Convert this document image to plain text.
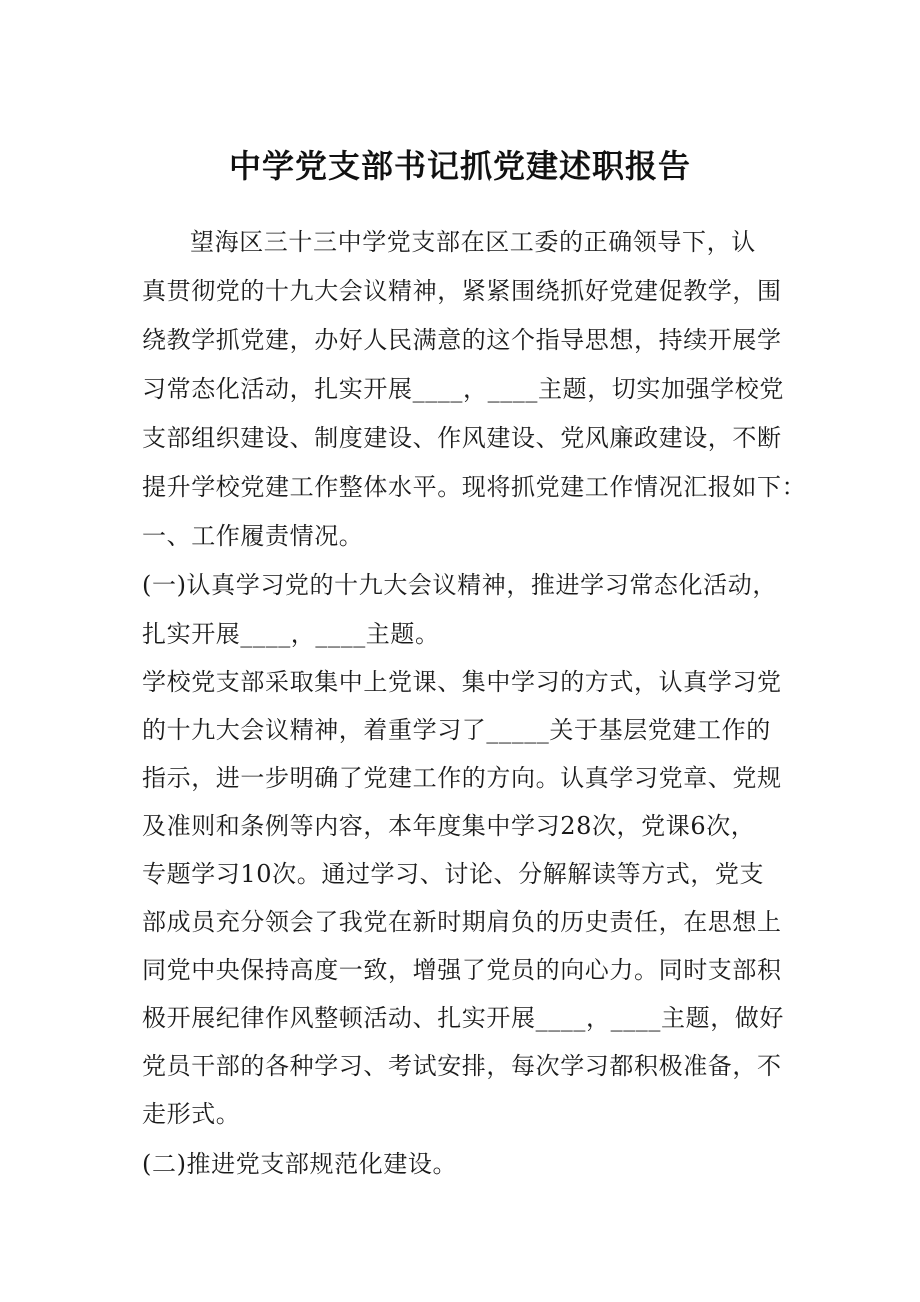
中学党支部书记抓党建述职报告
望海区三十三中学党支部在区工委的正确领导下，认
真贯彻党的十九大会议精神，紧紧围绕抓好党建促教学，围
绕教学抓党建，办好人民满意的这个指导思想，持续开展学
习常态化活动，扎实开展____，____主题，切实加强学校党
支部组织建设、制度建设、作风建设、党风廉政建设，不断
提升学校党建工作整体水平。现将抓党建工作情况汇报如下：
一、工作履责情况。
(一)认真学习党的十九大会议精神，推进学习常态化活动，
扎实开展____，____主题。
学校党支部采取集中上党课、集中学习的方式，认真学习党
的十九大会议精神，着重学习了_____关于基层党建工作的
指示，进一步明确了党建工作的方向。认真学习党章、党规
及准则和条例等内容，本年度集中学习28次，党课6次，
专题学习10次。通过学习、讨论、分解解读等方式，党支
部成员充分领会了我党在新时期肩负的历史责任，在思想上
同党中央保持高度一致，增强了党员的向心力。同时支部积
极开展纪律作风整顿活动、扎实开展____，____主题，做好
党员干部的各种学习、考试安排，每次学习都积极准备，不
走形式。
(二)推进党支部规范化建设。
